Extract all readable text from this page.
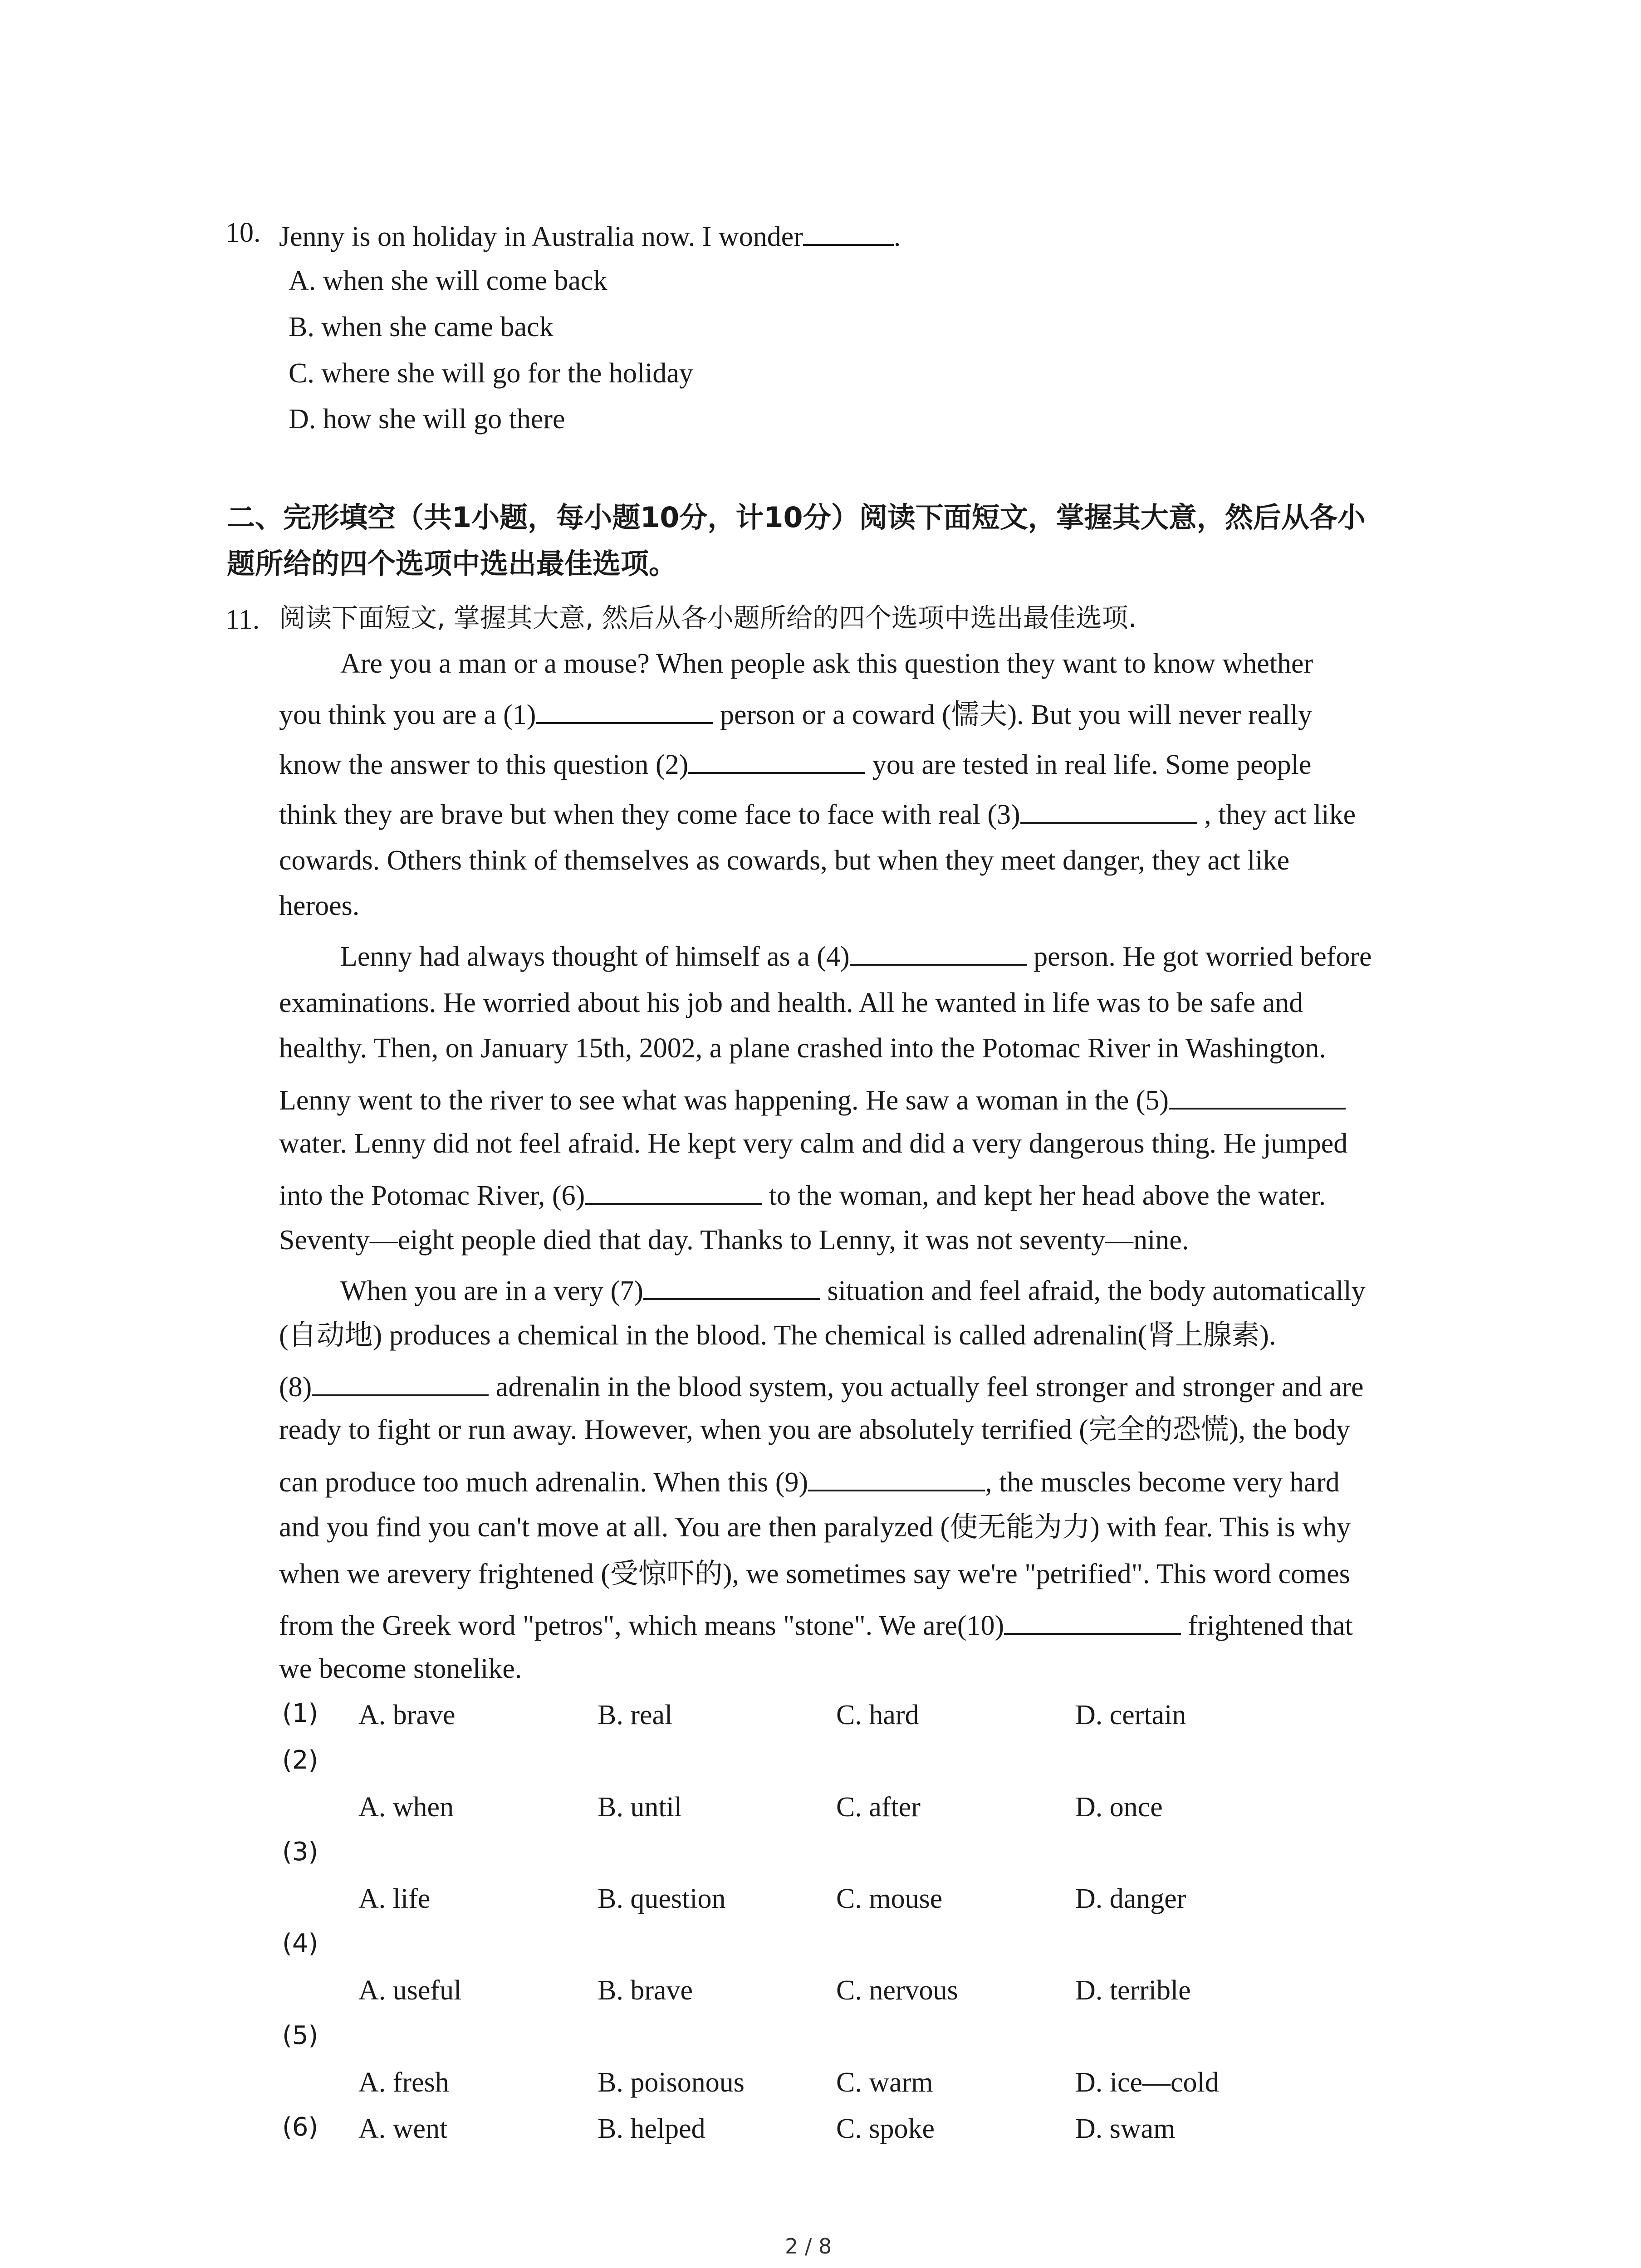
10. Jenny is on holiday in Australia now. I wonder	.
A. when she will come back
B. when she came back
C. where she will go for the holiday
D. how she will go there
二、完形填空（共1小题，每小题10分，计10分）阅读下面短文，掌握其大意，然后从各小
题所给的四个选项中选出最佳选项。
11. 阅读下面短文, 掌握其大意, 然后从各小题所给的四个选项中选出最佳选项.
Are you a man or a mouse? When people ask this question they want to know whether
you think you are a (1)	person or a coward (懦夫). But you will never really
know the answer to this question (2)	you are tested in real life. Some people
think they are brave but when they come face to face with real (3)	, they act like
cowards. Others think of themselves as cowards, but when they meet danger, they act like
heroes.
Lenny had always thought of himself as a (4)	person. He got worried before
examinations. He worried about his job and health. All he wanted in life was to be safe and
healthy. Then, on January 15th, 2002, a plane crashed into the Potomac River in Washington.
Lenny went to the river to see what was happening. He saw a woman in the (5)
water. Lenny did not feel afraid. He kept very calm and did a very dangerous thing. He jumped
into the Potomac River, (6)	to the woman, and kept her head above the water.
Seventy—eight people died that day. Thanks to Lenny, it was not seventy—nine.
When you are in a very (7)	situation and feel afraid, the body automatically
(自动地) produces a chemical in the blood. The chemical is called adrenalin(肾上腺素).
(8)	adrenalin in the blood system, you actually feel stronger and stronger and are
ready to fight or run away. However, when you are absolutely terrified (完全的恐慌), the body
can produce too much adrenalin. When this (9)	, the muscles become very hard
and you find you can't move at all. You are then paralyzed (使无能为力) with fear. This is why
when we arevery frightened (受惊吓的), we sometimes say we're "petrified". This word comes
from the Greek word "petros", which means "stone". We are(10)	frightened that
we become stonelike.
(1) A. brave	B. real	C. hard	D. certain
(2)
A. when	B. until	C. after	D. once
(3)
A. life	B. question	C. mouse	D. danger
(4)
A. useful	B. brave	C. nervous	D. terrible
(5)
A. fresh	B. poisonous	C. warm	D. ice—cold
(6) A. went	B. helped	C. spoke	D. swam
2 / 8
